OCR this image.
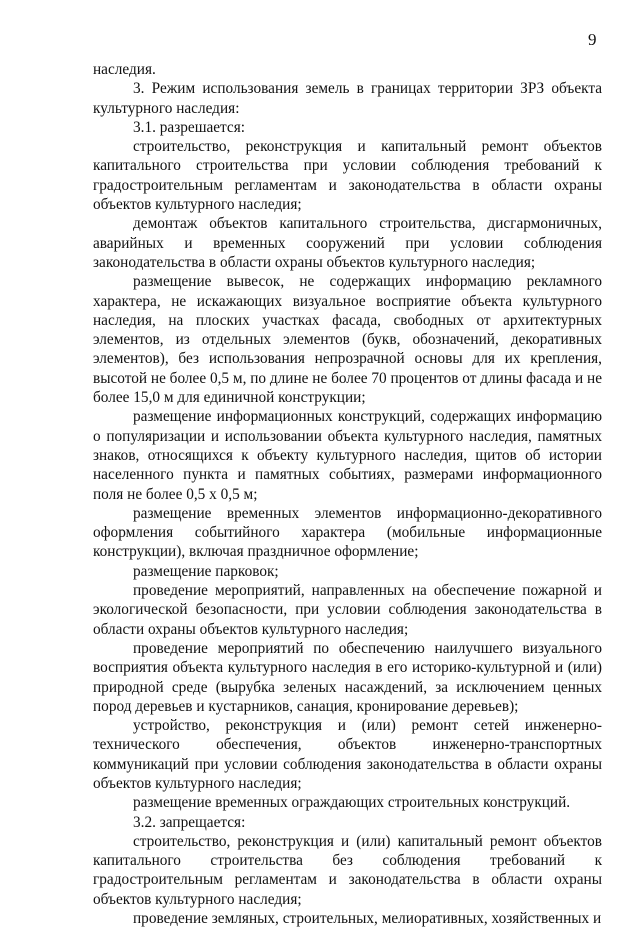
9

наследия.

3. Режим использования земель в границах территории ЗРЗ объекта культурного наследия:

3.1. разрешается:

строительство, реконструкция и капитальный ремонт объектов капитального строительства при условии соблюдения требований к градостроительным регламентам и законодательства в области охраны объектов культурного наследия;

демонтаж объектов капитального строительства, дисгармоничных, аварийных и временных сооружений при условии соблюдения законодательства в области охраны объектов культурного наследия;

размещение вывесок, не содержащих информацию рекламного характера, не искажающих визуальное восприятие объекта культурного наследия, на плоских участках фасада, свободных от архитектурных элементов, из отдельных элементов (букв, обозначений, декоративных элементов), без использования непрозрачной основы для их крепления, высотой не более 0,5 м, по длине не более 70 процентов от длины фасада и не более 15,0 м для единичной конструкции;

размещение информационных конструкций, содержащих информацию о популяризации и использовании объекта культурного наследия, памятных знаков, относящихся к объекту культурного наследия, щитов об истории населенного пункта и памятных событиях, размерами информационного поля не более 0,5 х 0,5 м;

размещение временных элементов информационно-декоративного оформления событийного характера (мобильные информационные конструкции), включая праздничное оформление;

размещение парковок;

проведение мероприятий, направленных на обеспечение пожарной и экологической безопасности, при условии соблюдения законодательства в области охраны объектов культурного наследия;

проведение мероприятий по обеспечению наилучшего визуального восприятия объекта культурного наследия в его историко-культурной и (или) природной среде (вырубка зеленых насаждений, за исключением ценных пород деревьев и кустарников, санация, кронирование деревьев);

устройство, реконструкция и (или) ремонт сетей инженерно-технического обеспечения, объектов инженерно-транспортных коммуникаций при условии соблюдения законодательства в области охраны объектов культурного наследия;

размещение временных ограждающих строительных конструкций.

3.2. запрещается:

строительство, реконструкция и (или) капитальный ремонт объектов капитального строительства без соблюдения требований к градостроительным регламентам и законодательства в области охраны объектов культурного наследия;

проведение земляных, строительных, мелиоративных, хозяйственных и
